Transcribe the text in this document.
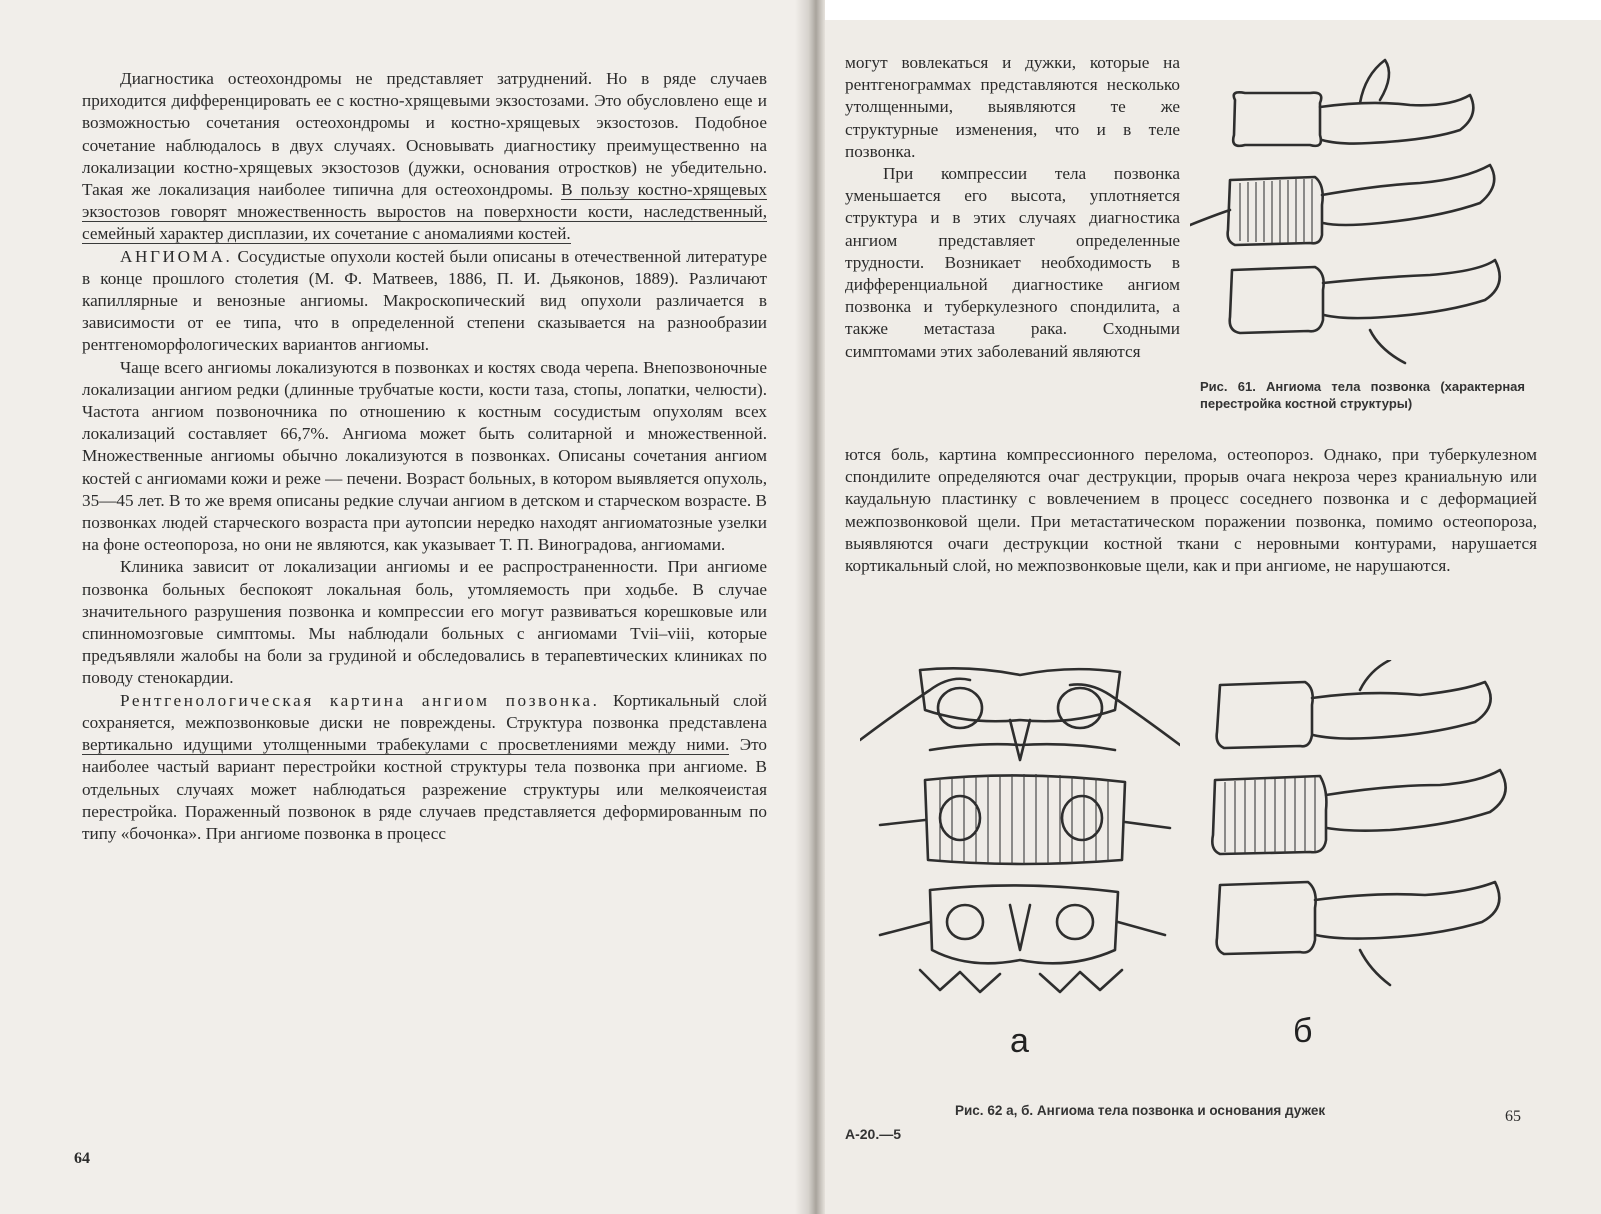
Диагностика остеохондромы не представляет затруднений. Но в ряде случаев приходится дифференцировать ее с костно-хрящевыми экзостозами. Это обусловлено еще и возможностью сочетания остеохондромы и костно-хрящевых экзостозов. Подобное сочетание наблюдалось в двух случаях. Основывать диагностику преимущественно на локализации костно-хрящевых экзостозов (дужки, основания отростков) не убедительно. Такая же локализация наиболее типична для остеохондромы. В пользу костно-хрящевых экзостозов говорят множественность выростов на поверхности кости, наследственный, семейный характер дисплазии, их сочетание с аномалиями костей.

АНГИОМА. Сосудистые опухоли костей были описаны в отечественной литературе в конце прошлого столетия (М. Ф. Матвеев, 1886, П. И. Дьяконов, 1889). Различают капиллярные и венозные ангиомы. Макроскопический вид опухоли различается в зависимости от ее типа, что в определенной степени сказывается на разнообразии рентгеноморфологических вариантов ангиомы.

Чаще всего ангиомы локализуются в позвонках и костях свода черепа. Внепозвоночные локализации ангиом редки (длинные трубчатые кости, кости таза, стопы, лопатки, челюсти). Частота ангиом позвоночника по отношению к костным сосудистым опухолям всех локализаций составляет 66,7%. Ангиома может быть солитарной и множественной. Множественные ангиомы обычно локализуются в позвонках. Описаны сочетания ангиом костей с ангиомами кожи и реже — печени. Возраст больных, в котором выявляется опухоль, 35—45 лет. В то же время описаны редкие случаи ангиом в детском и старческом возрасте. В позвонках людей старческого возраста при аутопсии нередко находят ангиоматозные узелки на фоне остеопороза, но они не являются, как указывает Т. П. Виноградова, ангиомами.

Клиника зависит от локализации ангиомы и ее распространенности. При ангиоме позвонка больных беспокоят локальная боль, утомляемость при ходьбе. В случае значительного разрушения позвонка и компрессии его могут развиваться корешковые или спинномозговые симптомы. Мы наблюдали больных с ангиомами Tvii–viii, которые предъявляли жалобы на боли за грудиной и обследовались в терапевтических клиниках по поводу стенокардии.

Рентгенологическая картина ангиом позвонка. Кортикальный слой сохраняется, межпозвонковые диски не повреждены. Структура позвонка представлена вертикально идущими утолщенными трабекулами с просветлениями между ними. Это наиболее частый вариант перестройки костной структуры тела позвонка при ангиоме. В отдельных случаях может наблюдаться разрежение структуры или мелкоячеистая перестройка. Пораженный позвонок в ряде случаев представляется деформированным по типу «бочонка». При ангиоме позвонка в процесс

64

могут вовлекаться и дужки, которые на рентгенограммах представляются несколько утолщенными, выявляются те же структурные изменения, что и в теле позвонка.

При компрессии тела позвонка уменьшается его высота, уплотняется структура и в этих случаях диагностика ангиом представляет определенные трудности. Возникает необходимость в дифференциальной диагностике ангиом позвонка и туберкулезного спондилита, а также метастаза рака. Сходными симптомами этих заболеваний являются

ются боль, картина компрессионного перелома, остеопороз. Однако, при туберкулезном спондилите определяются очаг деструкции, прорыв очага некроза через краниальную или каудальную пластинку с вовлечением в процесс соседнего позвонка и с деформацией межпозвонковой щели. При метастатическом поражении позвонка, помимо остеопороза, выявляются очаги деструкции костной ткани с неровными контурами, нарушается кортикальный слой, но межпозвонковые щели, как и при ангиоме, не нарушаются.

Рис. 61. Ангиома тела позвонка (характерная перестройка костной структуры)
а	б
Рис. 62 а, б. Ангиома тела позвонка и основания дужек
А-20.—5
65
